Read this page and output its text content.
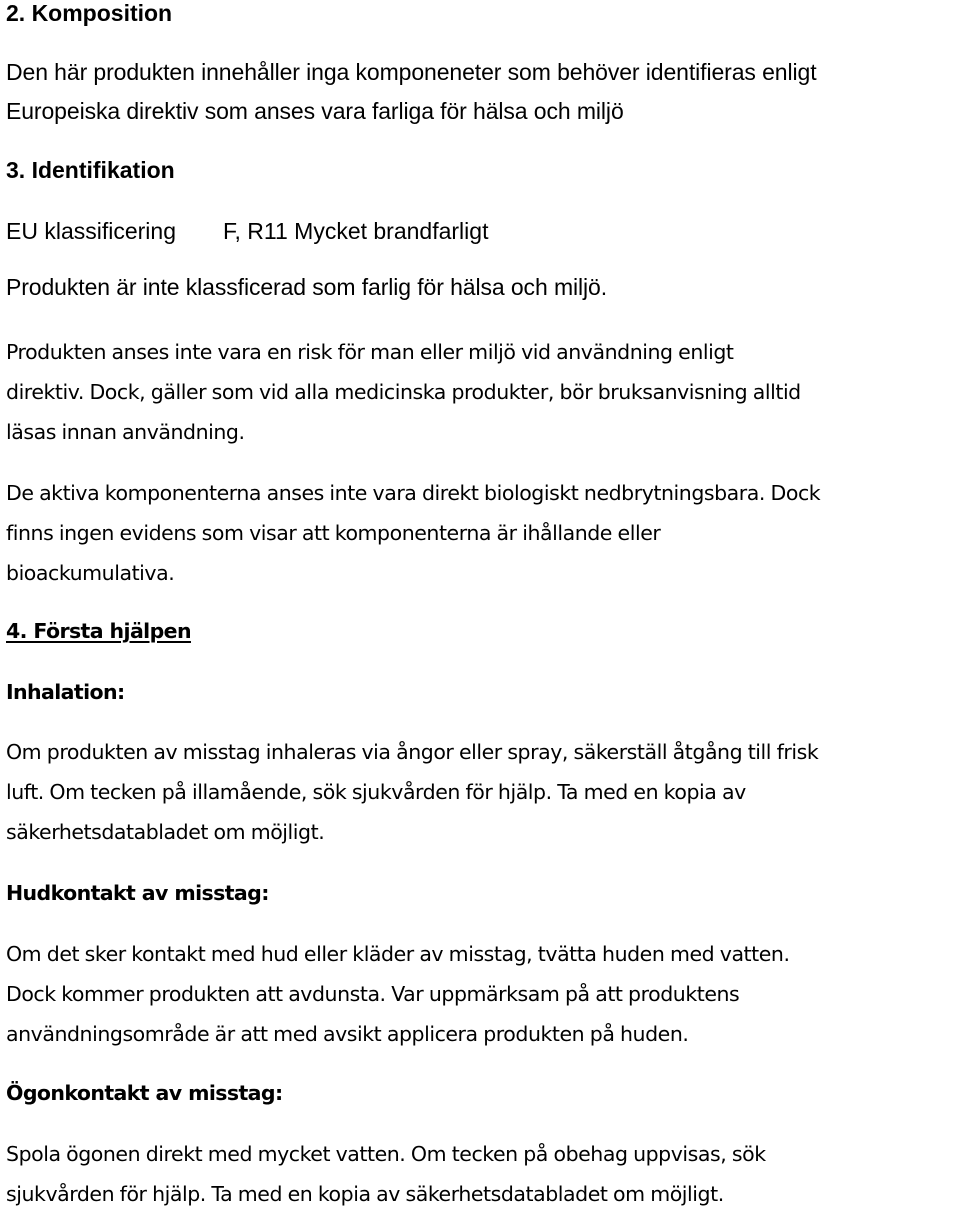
2. Komposition
Den här produkten innehåller inga komponeneter som behöver identifieras enligt
Europeiska direktiv som anses vara farliga för hälsa och miljö
3. Identifikation
EU klassificering	F, R11 Mycket brandfarligt
Produkten är inte klassficerad som farlig för hälsa och miljö.
Produkten anses inte vara en risk för man eller miljö vid användning enligt
direktiv. Dock, gäller som vid alla medicinska produkter, bör bruksanvisning alltid
läsas innan användning.
De aktiva komponenterna anses inte vara direkt biologiskt nedbrytningsbara. Dock
finns ingen evidens som visar att komponenterna är ihållande eller
bioackumulativa.
4. Första hjälpen
Inhalation:
Om produkten av misstag inhaleras via ångor eller spray, säkerställ åtgång till frisk
luft. Om tecken på illamående, sök sjukvården för hjälp. Ta med en kopia av
säkerhetsdatabladet om möjligt.
Hudkontakt av misstag:
Om det sker kontakt med hud eller kläder av misstag, tvätta huden med vatten.
Dock kommer produkten att avdunsta. Var uppmärksam på att produktens
användningsområde är att med avsikt applicera produkten på huden.
Ögonkontakt av misstag:
Spola ögonen direkt med mycket vatten. Om tecken på obehag uppvisas, sök
sjukvården för hjälp. Ta med en kopia av säkerhetsdatabladet om möjligt.
